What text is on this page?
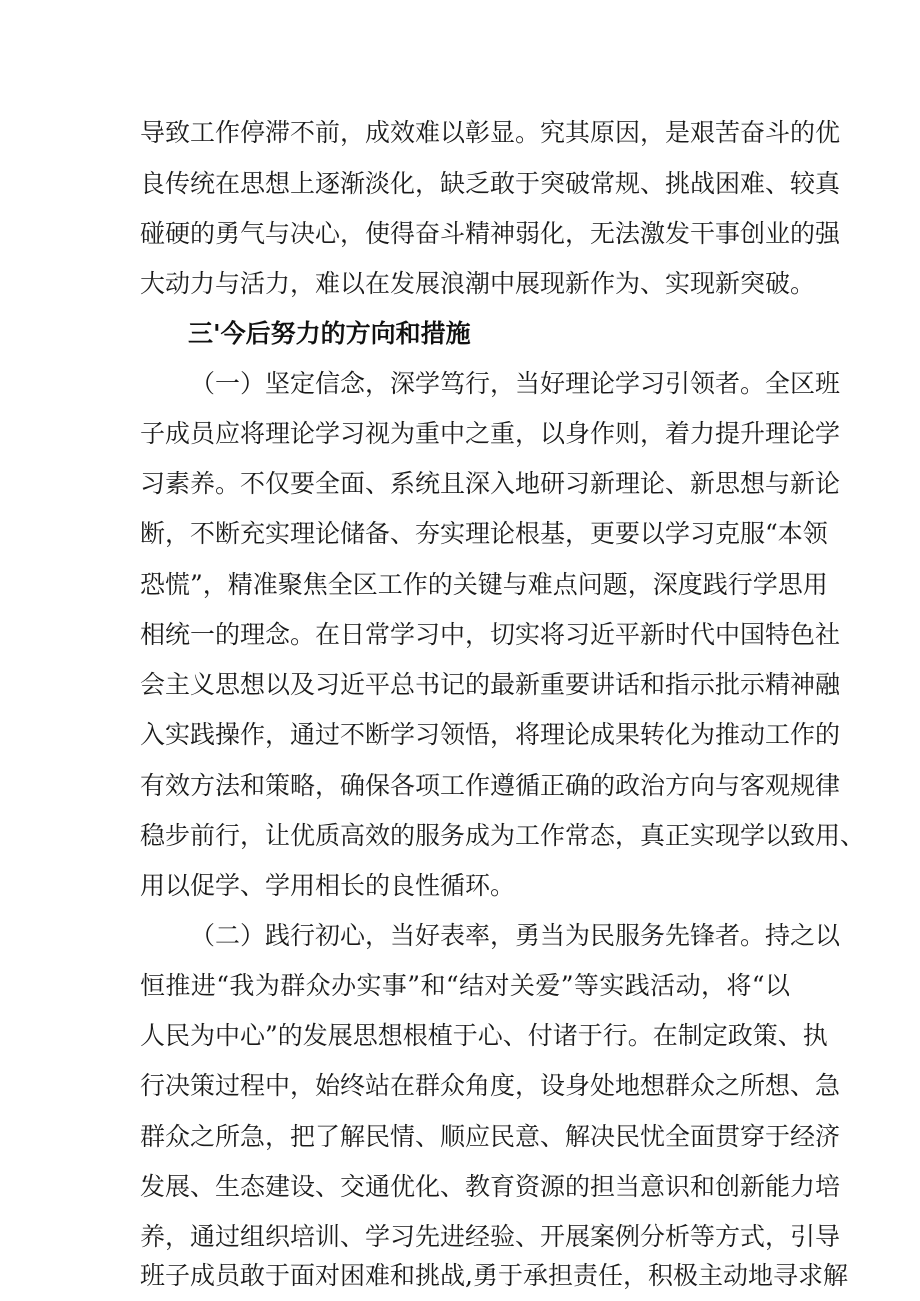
导致工作停滞不前，成效难以彰显。究其原因，是艰苦奋斗的优
良传统在思想上逐渐淡化，缺乏敢于突破常规、挑战困难、较真
碰硬的勇气与决心，使得奋斗精神弱化，无法激发干事创业的强
大动力与活力，难以在发展浪潮中展现新作为、实现新突破。
三'今后努力的方向和措施
（一）坚定信念，深学笃行，当好理论学习引领者。全区班
子成员应将理论学习视为重中之重，以身作则，着力提升理论学
习素养。不仅要全面、系统且深入地研习新理论、新思想与新论
断，不断充实理论储备、夯实理论根基，更要以学习克服“本领
恐慌”，精准聚焦全区工作的关键与难点问题，深度践行学思用
相统一的理念。在日常学习中，切实将习近平新时代中国特色社
会主义思想以及习近平总书记的最新重要讲话和指示批示精神融
入实践操作，通过不断学习领悟，将理论成果转化为推动工作的
有效方法和策略，确保各项工作遵循正确的政治方向与客观规律
稳步前行，让优质高效的服务成为工作常态，真正实现学以致用、
用以促学、学用相长的良性循环。
（二）践行初心，当好表率，勇当为民服务先锋者。持之以
恒推进“我为群众办实事”和“结对关爱”等实践活动，将“以
人民为中心”的发展思想根植于心、付诸于行。在制定政策、执
行决策过程中，始终站在群众角度，设身处地想群众之所想、急
群众之所急，把了解民情、顺应民意、解决民忧全面贯穿于经济
发展、生态建设、交通优化、教育资源的担当意识和创新能力培
养，通过组织培训、学习先进经验、开展案例分析等方式，引导
班子成员敢于面对困难和挑战,勇于承担责任，积极主动地寻求解
